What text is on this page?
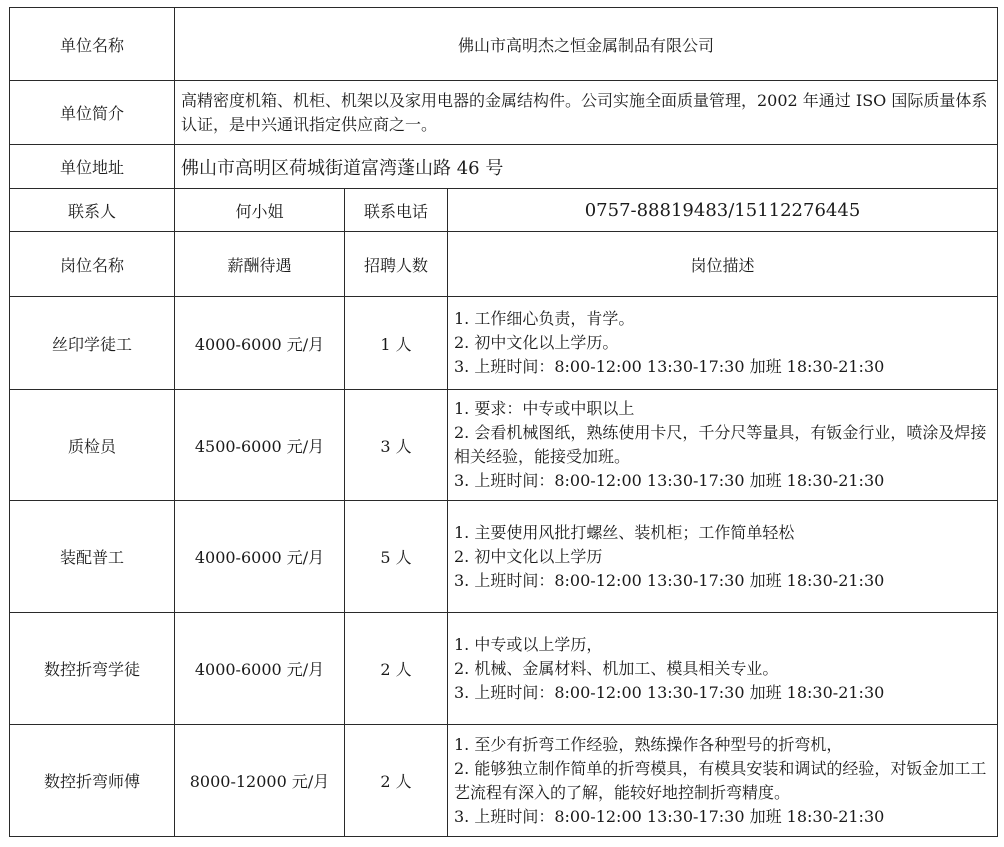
单位名称	佛山市高明杰之恒金属制品有限公司		
单位简介	高精密度机箱、机柜、机架以及家用电器的金属结构件。公司实施全面质量管理，2002 年通过 ISO 国际质量体系认证，是中兴通讯指定供应商之一。		
单位地址	佛山市高明区荷城街道富湾蓬山路 46 号		
联系人	何小姐	联系电话	0757-88819483/15112276445
岗位名称	薪酬待遇	招聘人数	岗位描述
丝印学徒工	4000-6000 元/月	1 人	1. 工作细心负责，肯学。
2. 初中文化以上学历。
3. 上班时间：8:00-12:00 13:30-17:30 加班 18:30-21:30

质检员	4500-6000 元/月	3 人	1. 要求：中专或中职以上
2. 会看机械图纸，熟练使用卡尺，千分尺等量具，有钣金行业，喷涂及焊接相关经验，能接受加班。
3. 上班时间：8:00-12:00 13:30-17:30 加班 18:30-21:30

装配普工	4000-6000 元/月	5 人	1. 主要使用风批打螺丝、装机柜；工作简单轻松
2. 初中文化以上学历
3. 上班时间：8:00-12:00 13:30-17:30 加班 18:30-21:30

数控折弯学徒	4000-6000 元/月	2 人	1. 中专或以上学历，
2. 机械、金属材料、机加工、模具相关专业。
3. 上班时间：8:00-12:00 13:30-17:30 加班 18:30-21:30

数控折弯师傅	8000-12000 元/月	2 人	1. 至少有折弯工作经验，熟练操作各种型号的折弯机，
2. 能够独立制作简单的折弯模具，有模具安装和调试的经验，对钣金加工工艺流程有深入的了解，能较好地控制折弯精度。
3. 上班时间：8:00-12:00 13:30-17:30 加班 18:30-21:30
